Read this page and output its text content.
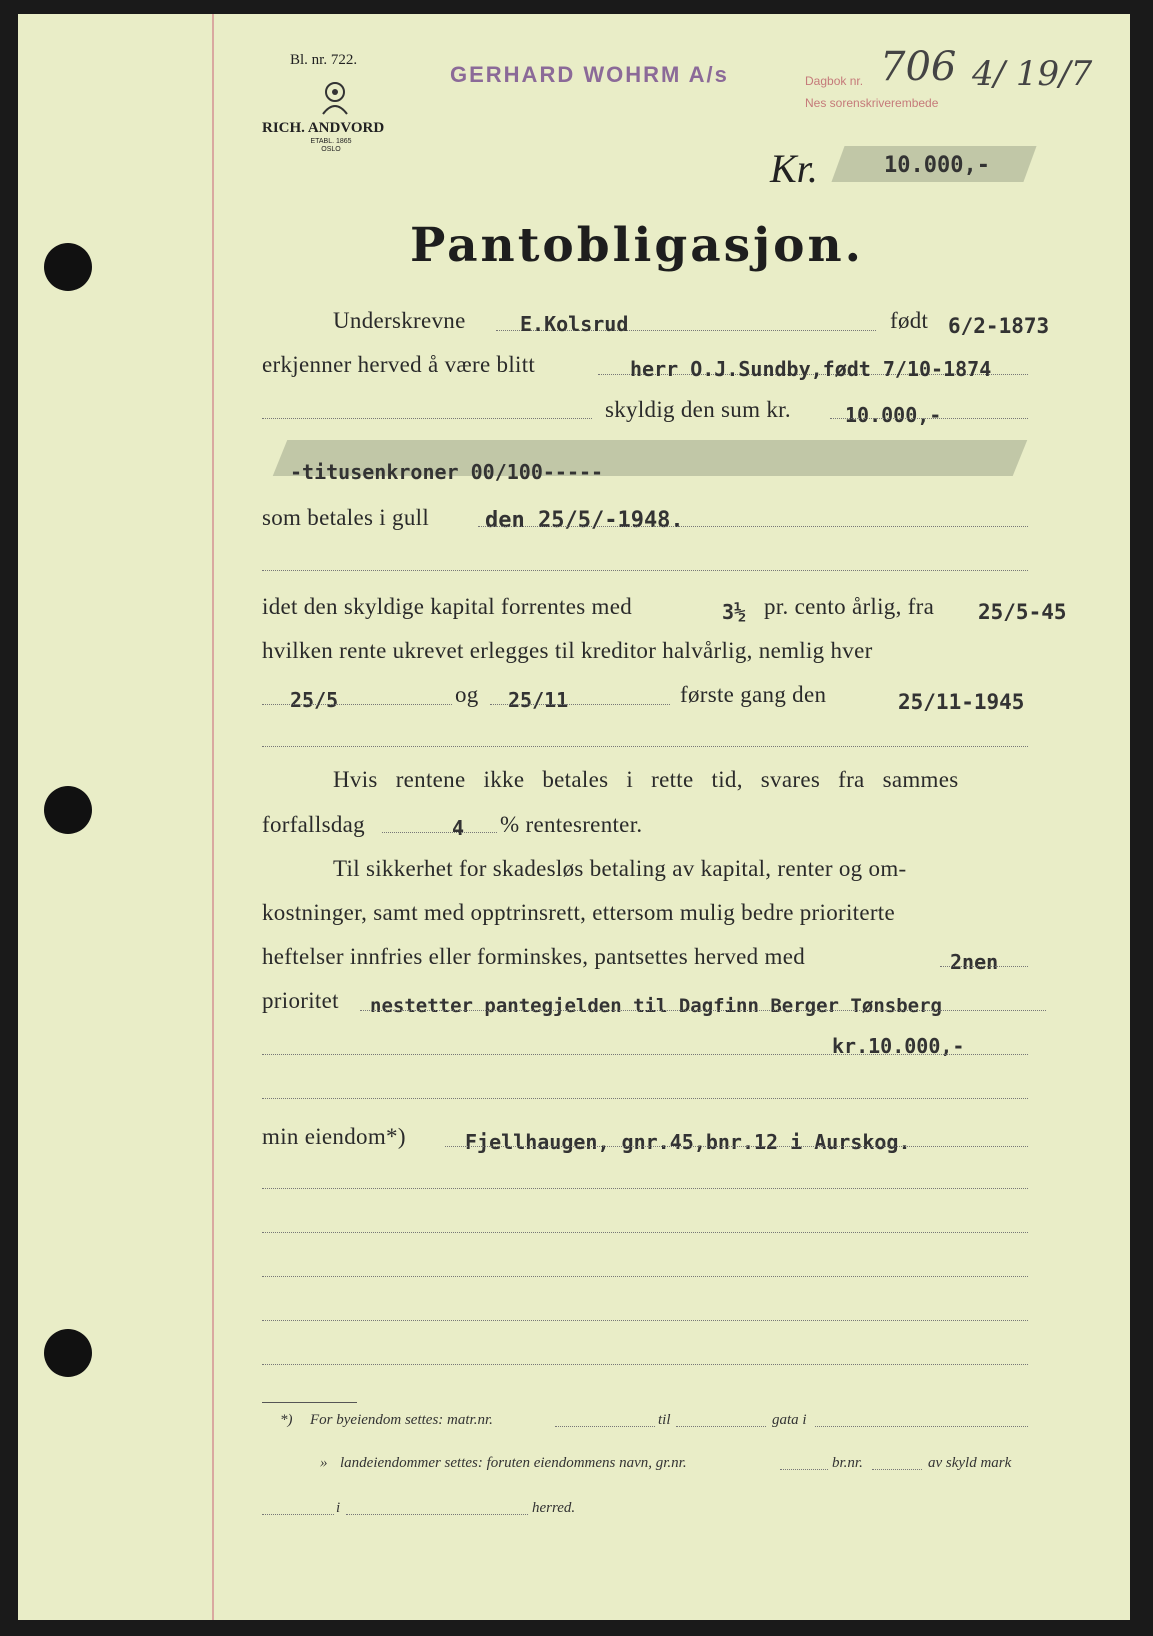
Bl. nr. 722.
RICH. ANDVORD
ETABL. 1865 OSLO
GERHARD WOHRM A/s	Dagbok nr.
Nes sorenskriverembede
706 4/ 19/7
Kr.	10.000,-
Pantobligasjon.
Underskrevne	E.Kolsrud	født 6/2-1873
erkjenner herved å være blitt	herr O.J.Sundby,født 7/10-1874
skyldig den sum kr.	10.000,-
-titusenkroner 00/100-----
som betales i gull	den 25/5/-1948.
idet den skyldige kapital forrentes med	3½ pr. cento årlig, fra 25/5-45
hvilken rente ukrevet erlegges til kreditor halvårlig, nemlig hver
25/5	og 25/11	første gang den	25/11-1945
Hvis rentene ikke betales i rette tid, svares fra sammes
forfallsdag	4 % rentesrenter.
Til sikkerhet for skadesløs betaling av kapital, renter og om-
kostninger, samt med opptrinsrett, ettersom mulig bedre prioriterte
heftelser innfries eller forminskes, pantsettes herved med	2nen
prioritet nestetter pantegjelden til Dagfinn Berger Tønsberg
kr.10.000,-
min eiendom*)	Fjellhaugen, gnr.45,bnr.12 i Aurskog.
*) For byeiendom settes: matr.nr.	til	gata i
» landeiendommer settes: foruten eiendommens navn, gr.nr.	br.nr.	av skyld mark
i	herred.
